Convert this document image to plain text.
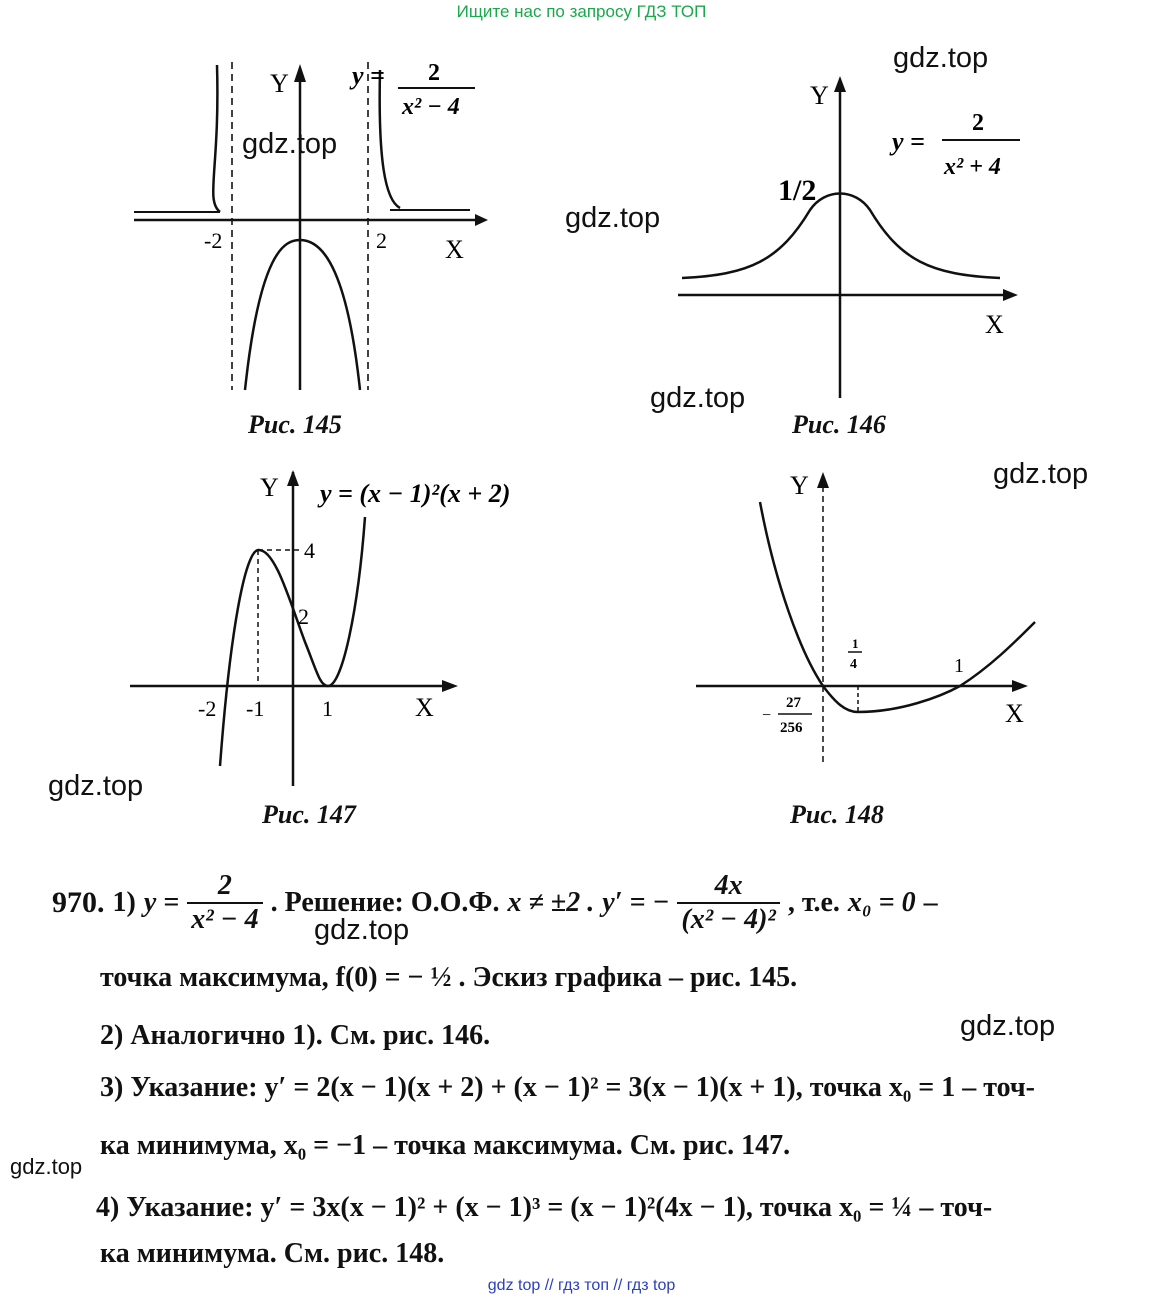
Ищите нас по запросу ГДЗ ТОП
Y
X
-2	2
y = 2
x² − 4
Рис. 145
Y
X
1/2
y =
2
x² + 4
Рис. 146
Y
X
y = (x − 1)²(x + 2)
4
2
-2 -1	1
Рис. 147
Y
X
1
4	1
−
27
256
Рис. 148
gdz.top
gdz.top
gdz.top
gdz.top
gdz.top
gdz.top
gdz.top
gdz.top
gdz.top
970. 1) $y = \frac{2}{\text{x² − 4}}$ . Решение: О.О.Ф. x ≠ ±2 . y′ = − $\frac{4x}{\text{(x² − 4)²}}$ , т.е. x₀ = 0 –
точка максимума, f(0) = − ½ . Эскиз графика – рис. 145.
2) Аналогично 1). См. рис. 146.
3) Указание: y′ = 2(x − 1)(x + 2) + (x − 1)² = 3(x − 1)(x + 1), точка x₀ = 1 – точ-
ка минимума, x₀ = −1 – точка максимума. См. рис. 147.
4) Указание: y′ = 3x(x − 1)² + (x − 1)³ = (x − 1)²(4x − 1), точка x₀ = ¼ – точ-
ка минимума. См. рис. 148.
gdz top // гдз топ // гдз top
